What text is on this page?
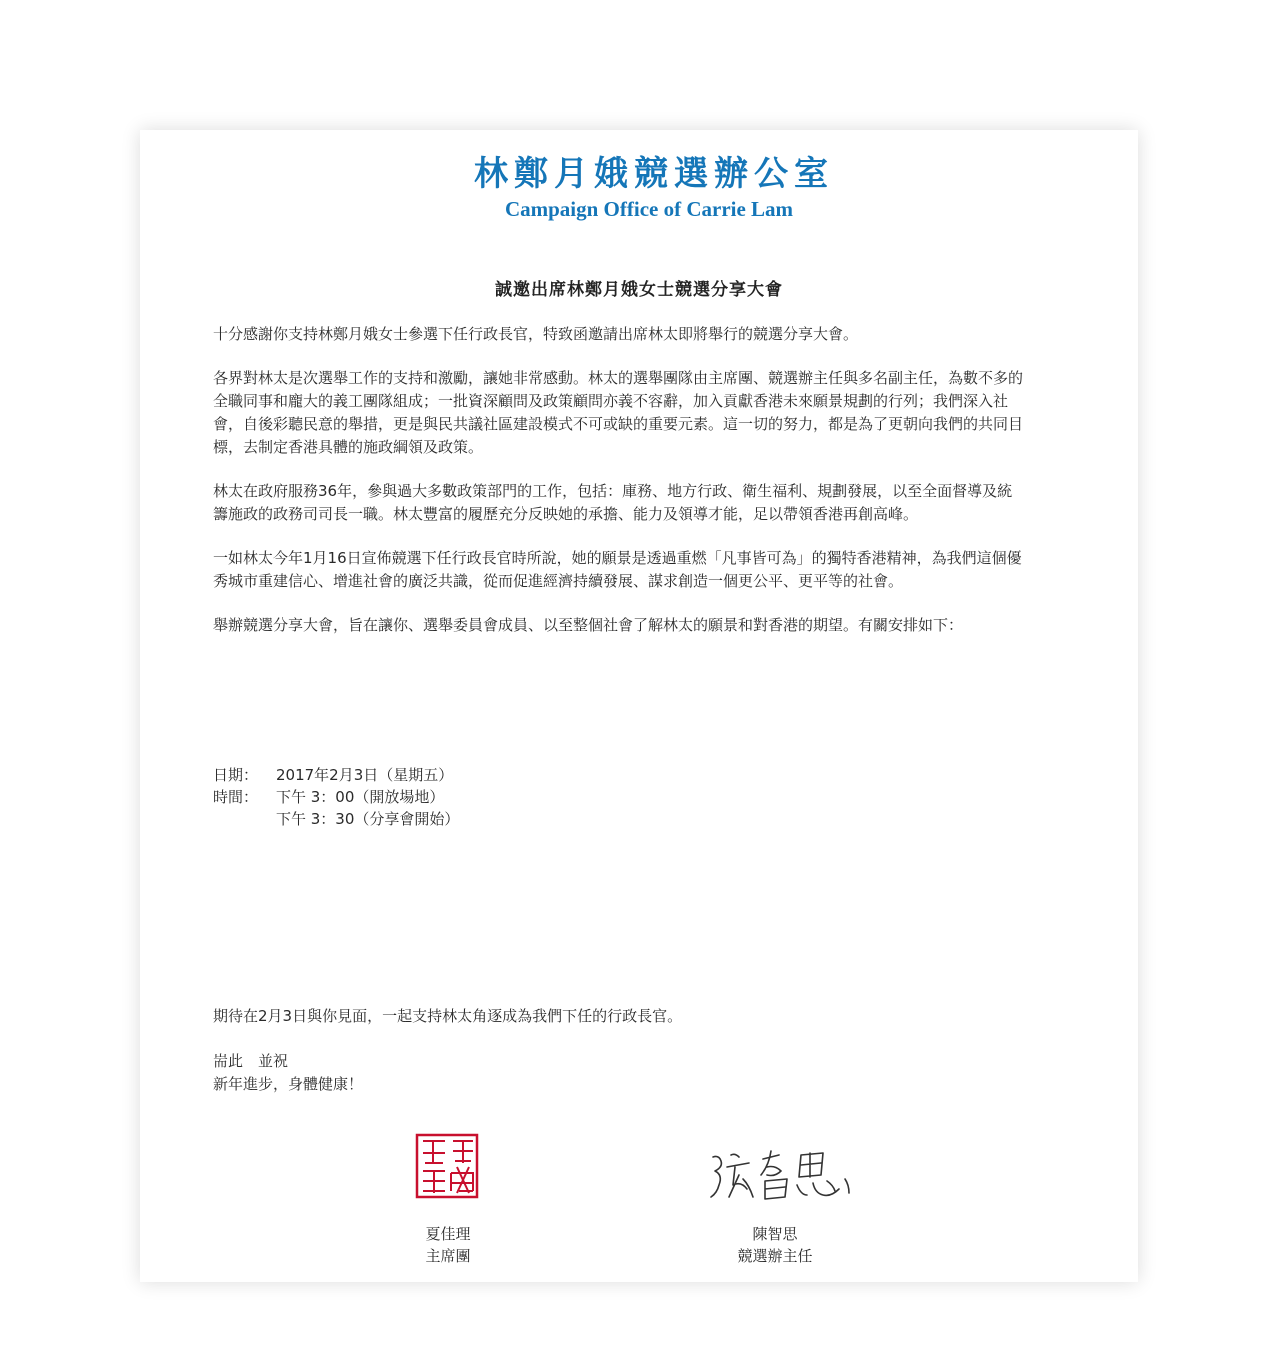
林鄭月娥競選辦公室
Campaign Office of Carrie Lam
誠邀出席林鄭月娥女士競選分享大會

十分感謝你支持林鄭月娥女士參選下任行政長官，特致函邀請出席林太即將舉行的競選分享大會。

各界對林太是次選舉工作的支持和激勵，讓她非常感動。林太的選舉團隊由主席團、競選辦主任與多名副主任，為數不多的全職同事和龐大的義工團隊組成；一批資深顧問及政策顧問亦義不容辭，加入貢獻香港未來願景規劃的行列；我們深入社會，自後彩聽民意的舉措，更是與民共議社區建設模式不可或缺的重要元素。這一切的努力，都是為了更朝向我們的共同目標，去制定香港具體的施政綱領及政策。

林太在政府服務36年，參與過大多數政策部門的工作，包括：庫務、地方行政、衛生福利、規劃發展，以至全面督導及統籌施政的政務司司長一職。林太豐富的履歷充分反映她的承擔、能力及領導才能，足以帶領香港再創高峰。

一如林太今年1月16日宣佈競選下任行政長官時所說，她的願景是透過重燃「凡事皆可為」的獨特香港精神，為我們這個優秀城市重建信心、增進社會的廣泛共識，從而促進經濟持續發展、謀求創造一個更公平、更平等的社會。

舉辦競選分享大會，旨在讓你、選舉委員會成員、以至整個社會了解林太的願景和對香港的期望。有關安排如下：

日期：	2017年2月3日（星期五）
時間：	下午 3：00（開放場地）
下午 3：30（分享會開始）
期待在2月3日與你見面，一起支持林太角逐成為我們下任的行政長官。
耑此　並祝
新年進步，身體健康！
夏佳理
主席團
陳智思
競選辦主任
